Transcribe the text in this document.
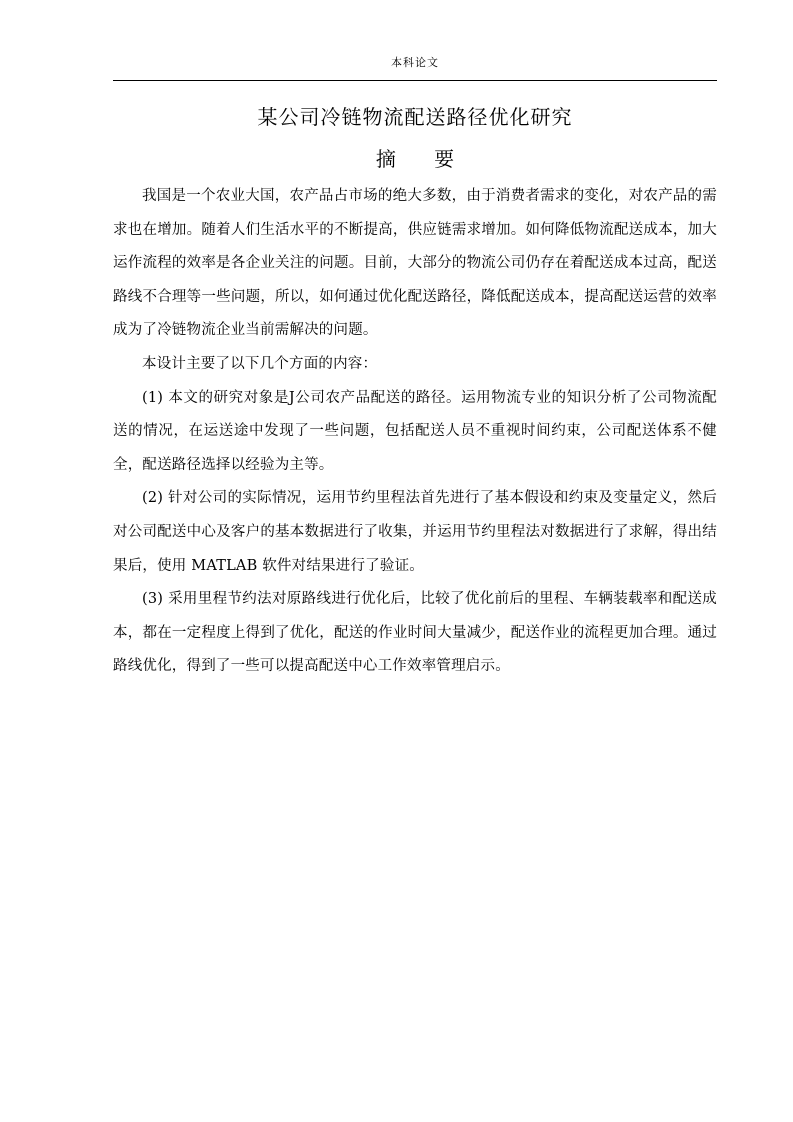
本科论文
某公司冷链物流配送路径优化研究
摘 要

我国是一个农业大国，农产品占市场的绝大多数，由于消费者需求的变化，对农产品的需求也在增加。随着人们生活水平的不断提高，供应链需求增加。如何降低物流配送成本，加大运作流程的效率是各企业关注的问题。目前，大部分的物流公司仍存在着配送成本过高，配送路线不合理等一些问题，所以，如何通过优化配送路径，降低配送成本，提高配送运营的效率成为了冷链物流企业当前需解决的问题。

本设计主要了以下几个方面的内容：

(1) 本文的研究对象是J公司农产品配送的路径。运用物流专业的知识分析了公司物流配送的情况，在运送途中发现了一些问题，包括配送人员不重视时间约束，公司配送体系不健全，配送路径选择以经验为主等。

(2) 针对公司的实际情况，运用节约里程法首先进行了基本假设和约束及变量定义，然后对公司配送中心及客户的基本数据进行了收集，并运用节约里程法对数据进行了求解，得出结果后，使用 MATLAB 软件对结果进行了验证。

(3) 采用里程节约法对原路线进行优化后，比较了优化前后的里程、车辆装载率和配送成本，都在一定程度上得到了优化，配送的作业时间大量减少，配送作业的流程更加合理。通过路线优化，得到了一些可以提高配送中心工作效率管理启示。
